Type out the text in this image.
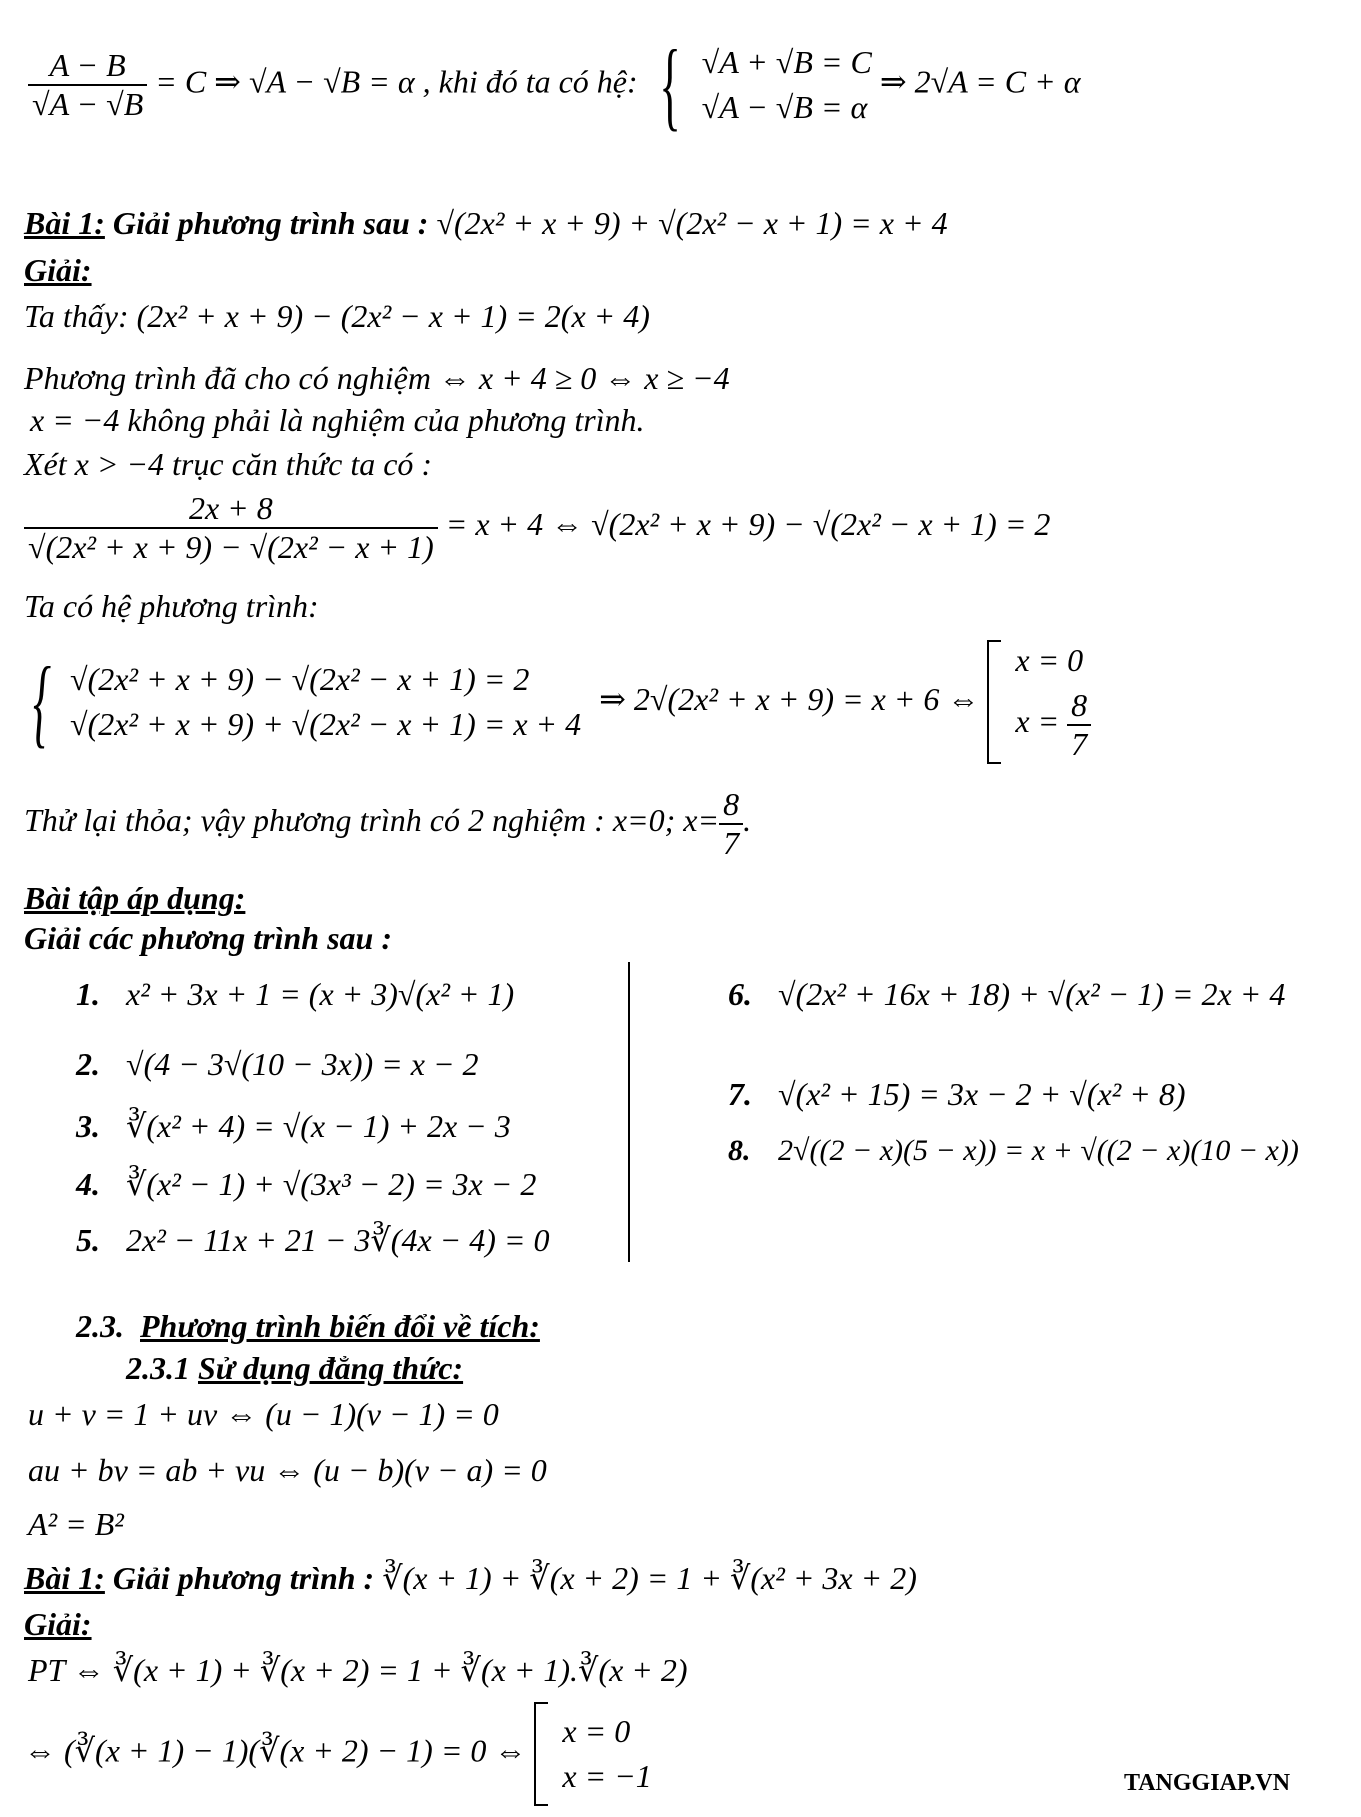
$\frac{A - B}{√A - √B} = C$ ⇒ √A − √B = α , khi đó ta có hệ: { √A + √B = C
√A − √B = α
⇒ 2√A = C + α
Bài 1: Giải phương trình sau : √(2x² + x + 9) + √(2x² − x + 1) = x + 4
Giải:
Ta thấy: (2x² + x + 9) − (2x² − x + 1) = 2(x + 4)
Phương trình đã cho có nghiệm ⇔ x + 4 ≥ 0 ⇔ x ≥ −4
x = −4 không phải là nghiệm của phương trình.
Xét x > −4 trục căn thức ta có :
$\frac{2x + 8}{\text{√(2x² + x + 9) − √(2x² − x + 1)}} = x + 4$ ⇔ √(2x² + x + 9) − √(2x² − x + 1) = 2
Ta có hệ phương trình:
{ √(2x² + x + 9) − √(2x² − x + 1) = 2
√(2x² + x + 9) + √(2x² − x + 1) = x + 4
⇒ 2√(2x² + x + 9) = x + 6 ⇔
x = 0
$x = \frac{8}{7}$
Thử lại thỏa; vậy phương trình có 2 nghiệm : x=0; $x= \frac{8}{7}$ .
Bài tập áp dụng:
Giải các phương trình sau :
1. x² + 3x + 1 = (x + 3)√(x² + 1)
2. √(4 − 3√(10 − 3x)) = x − 2
3. ∛(x² + 4) = √(x − 1) + 2x − 3
4. ∛(x² − 1) + √(3x³ − 2) = 3x − 2
5. 2x² − 11x + 21 − 3∛(4x − 4) = 0
6. √(2x² + 16x + 18) + √(x² − 1) = 2x + 4
7. √(x² + 15) = 3x − 2 + √(x² + 8)
8. 2√((2 − x)(5 − x)) = x + √((2 − x)(10 − x))
2.3. Phương trình biến đổi về tích:
2.3.1 Sử dụng đẳng thức:
u + v = 1 + uv ⇔ (u − 1)(v − 1) = 0
au + bv = ab + vu ⇔ (u − b)(v − a) = 0
A² = B²
Bài 1: Giải phương trình : ∛(x + 1) + ∛(x + 2) = 1 + ∛(x² + 3x + 2)
Giải:
PT ⇔ ∛(x + 1) + ∛(x + 2) = 1 + ∛(x + 1).∛(x + 2)
⇔ (∛(x + 1) − 1)(∛(x + 2) − 1) = 0 ⇔
x = 0
x = −1	TANGGIAP.VN
